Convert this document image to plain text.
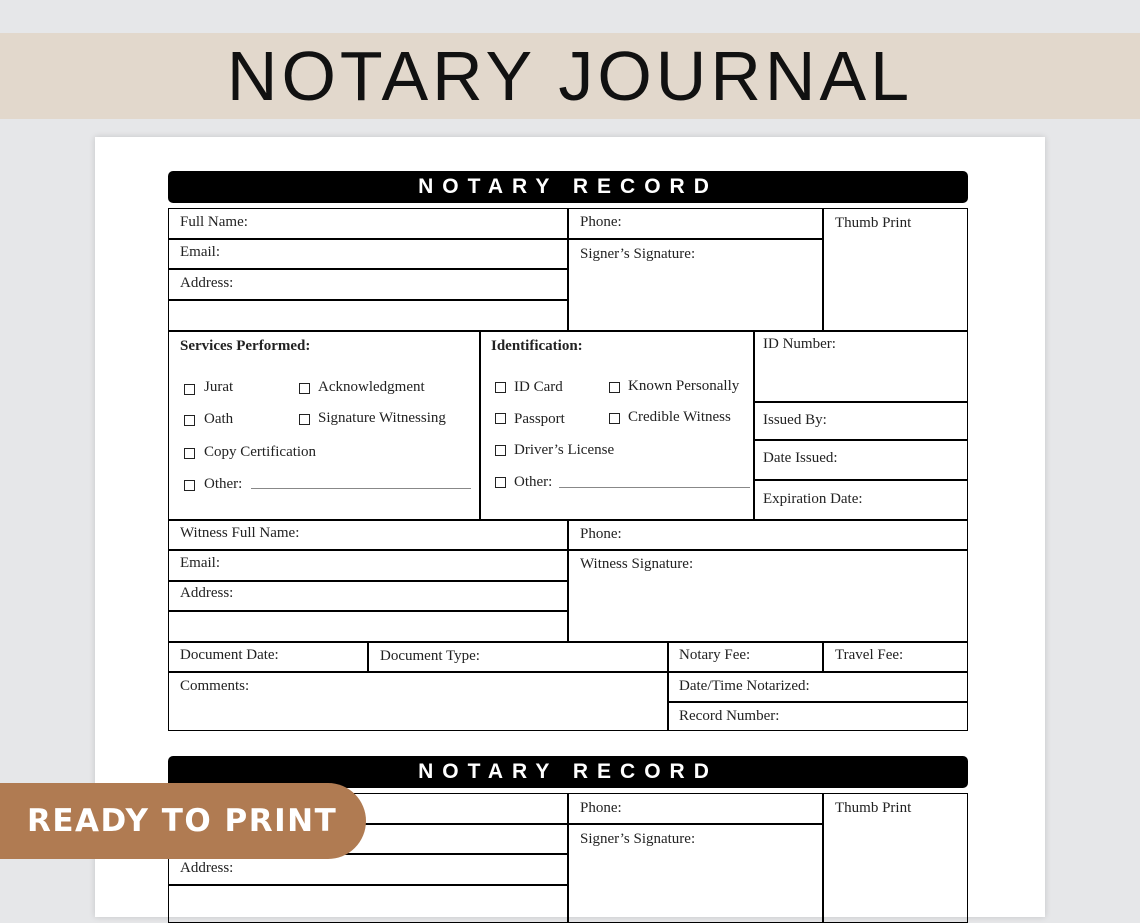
NOTARY JOURNAL
NOTARY RECORD
Full Name:	Phone:	Thumb Print
Email:	Signer’s Signature:
Address:
Services Performed:
Jurat	Acknowledgment
Oath	Signature Witnessing
Copy Certification
Other:
Identification:
ID Card	Known Personally
Passport	Credible Witness
Driver’s License
Other:
ID Number:
Issued By:
Date Issued:
Expiration Date:
Witness Full Name:	Phone:
Email:	Witness Signature:
Address:
Document Date:	Document Type:	Notary Fee:	Travel Fee:
Comments:	Date/Time Notarized:
Record Number:
NOTARY RECORD
Phone:	Thumb Print
Signer’s Signature:
Address:
READY TO PRINT
